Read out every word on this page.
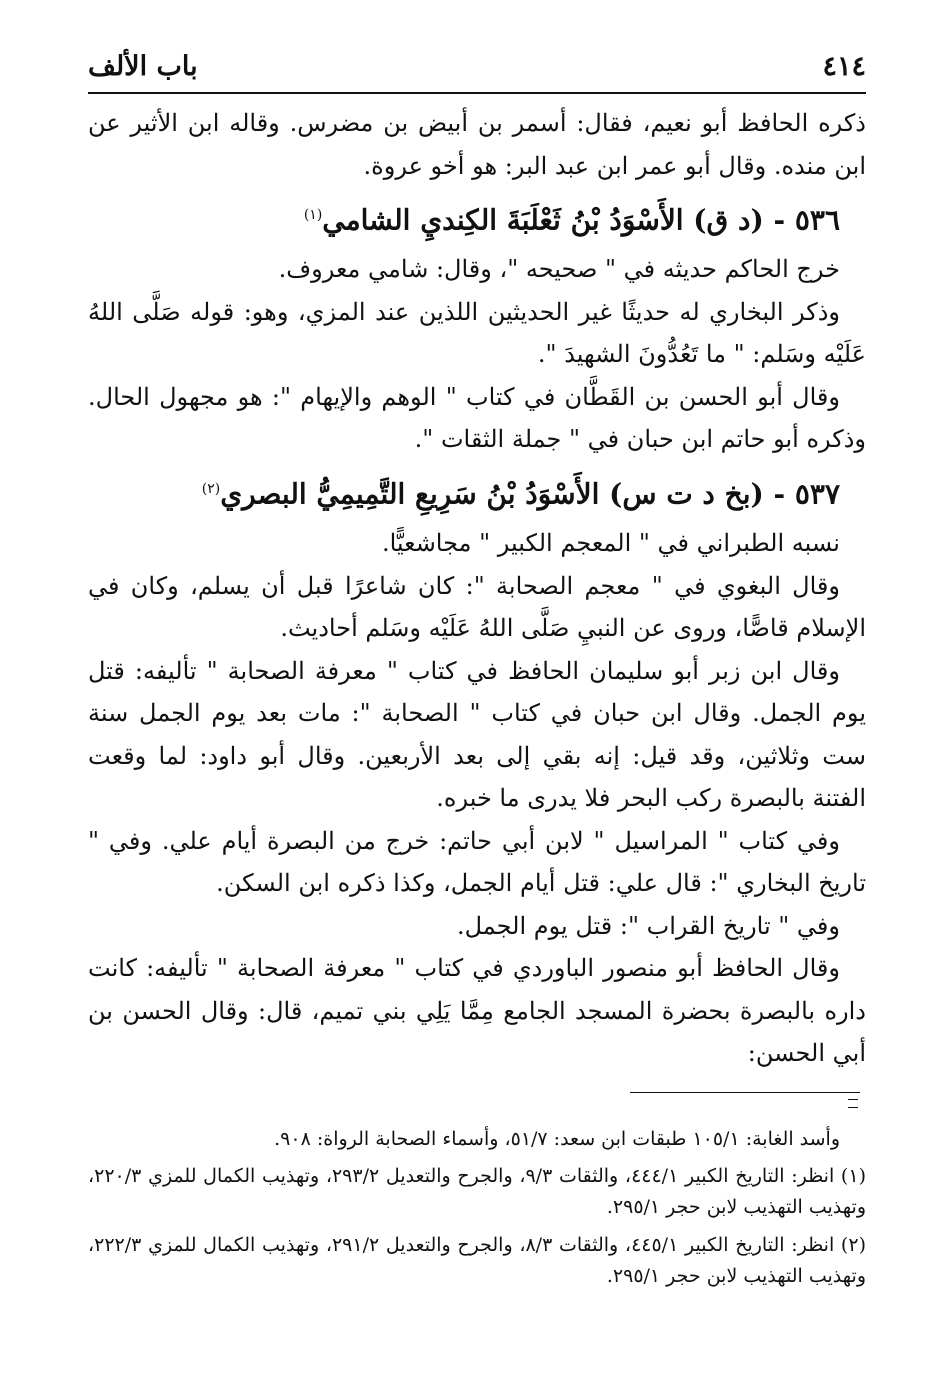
٤١٤
باب الألف

ذكره الحافظ أبو نعيم، فقال: أسمر بن أبيض بن مضرس. وقاله ابن الأثير عن ابن منده. وقال أبو عمر ابن عبد البر: هو أخو عروة.

٥٣٦ - (د ق) الأَسْوَدُ بْنُ ثَعْلَبَةَ الكِنديِ الشامي$^{(١)}$

خرج الحاكم حديثه في " صحيحه "، وقال: شامي معروف.

وذكر البخاري له حديثًا غير الحديثين اللذين عند المزي، وهو: قوله صَلَّى اللهُ عَلَيْه وسَلم: " ما تَعُدُّونَ الشهيدَ ".

وقال أبو الحسن بن القَطَّان في كتاب " الوهم والإيهام ": هو مجهول الحال. وذكره أبو حاتم ابن حبان في " جملة الثقات ".

٥٣٧ - (بخ د ت س) الأَسْوَدُ بْنُ سَرِيعِ التَّمِيمِيُّ البصري$^{(٢)}$

نسبه الطبراني في " المعجم الكبير " مجاشعيًّا.

وقال البغوي في " معجم الصحابة ": كان شاعرًا قبل أن يسلم، وكان في الإسلام قاصًّا، وروى عن النبيِ صَلَّى اللهُ عَلَيْه وسَلم أحاديث.

وقال ابن زبر أبو سليمان الحافظ في كتاب " معرفة الصحابة " تأليفه: قتل يوم الجمل. وقال ابن حبان في كتاب " الصحابة ": مات بعد يوم الجمل سنة ست وثلاثين، وقد قيل: إنه بقي إلى بعد الأربعين. وقال أبو داود: لما وقعت الفتنة بالبصرة ركب البحر فلا يدرى ما خبره.

وفي كتاب " المراسيل " لابن أبي حاتم: خرج من البصرة أيام علي. وفي " تاريخ البخاري ": قال علي: قتل أيام الجمل، وكذا ذكره ابن السكن.

وفي " تاريخ القراب ": قتل يوم الجمل.

وقال الحافظ أبو منصور الباوردي في كتاب " معرفة الصحابة " تأليفه: كانت داره بالبصرة بحضرة المسجد الجامع مِمَّا يَلِي بني تميم، قال: وقال الحسن بن أبي الحسن:

وأسد الغابة: ١٠٥/١ طبقات ابن سعد: ٥١/٧، وأسماء الصحابة الرواة: ٩٠٨.

(١) انظر: التاريخ الكبير ٤٤٤/١، والثقات ٩/٣، والجرح والتعديل ٢٩٣/٢، وتهذيب الكمال للمزي ٢٢٠/٣، وتهذيب التهذيب لابن حجر ٢٩٥/١.

(٢) انظر: التاريخ الكبير ٤٤٥/١، والثقات ٨/٣، والجرح والتعديل ٢٩١/٢، وتهذيب الكمال للمزي ٢٢٢/٣، وتهذيب التهذيب لابن حجر ٢٩٥/١.
